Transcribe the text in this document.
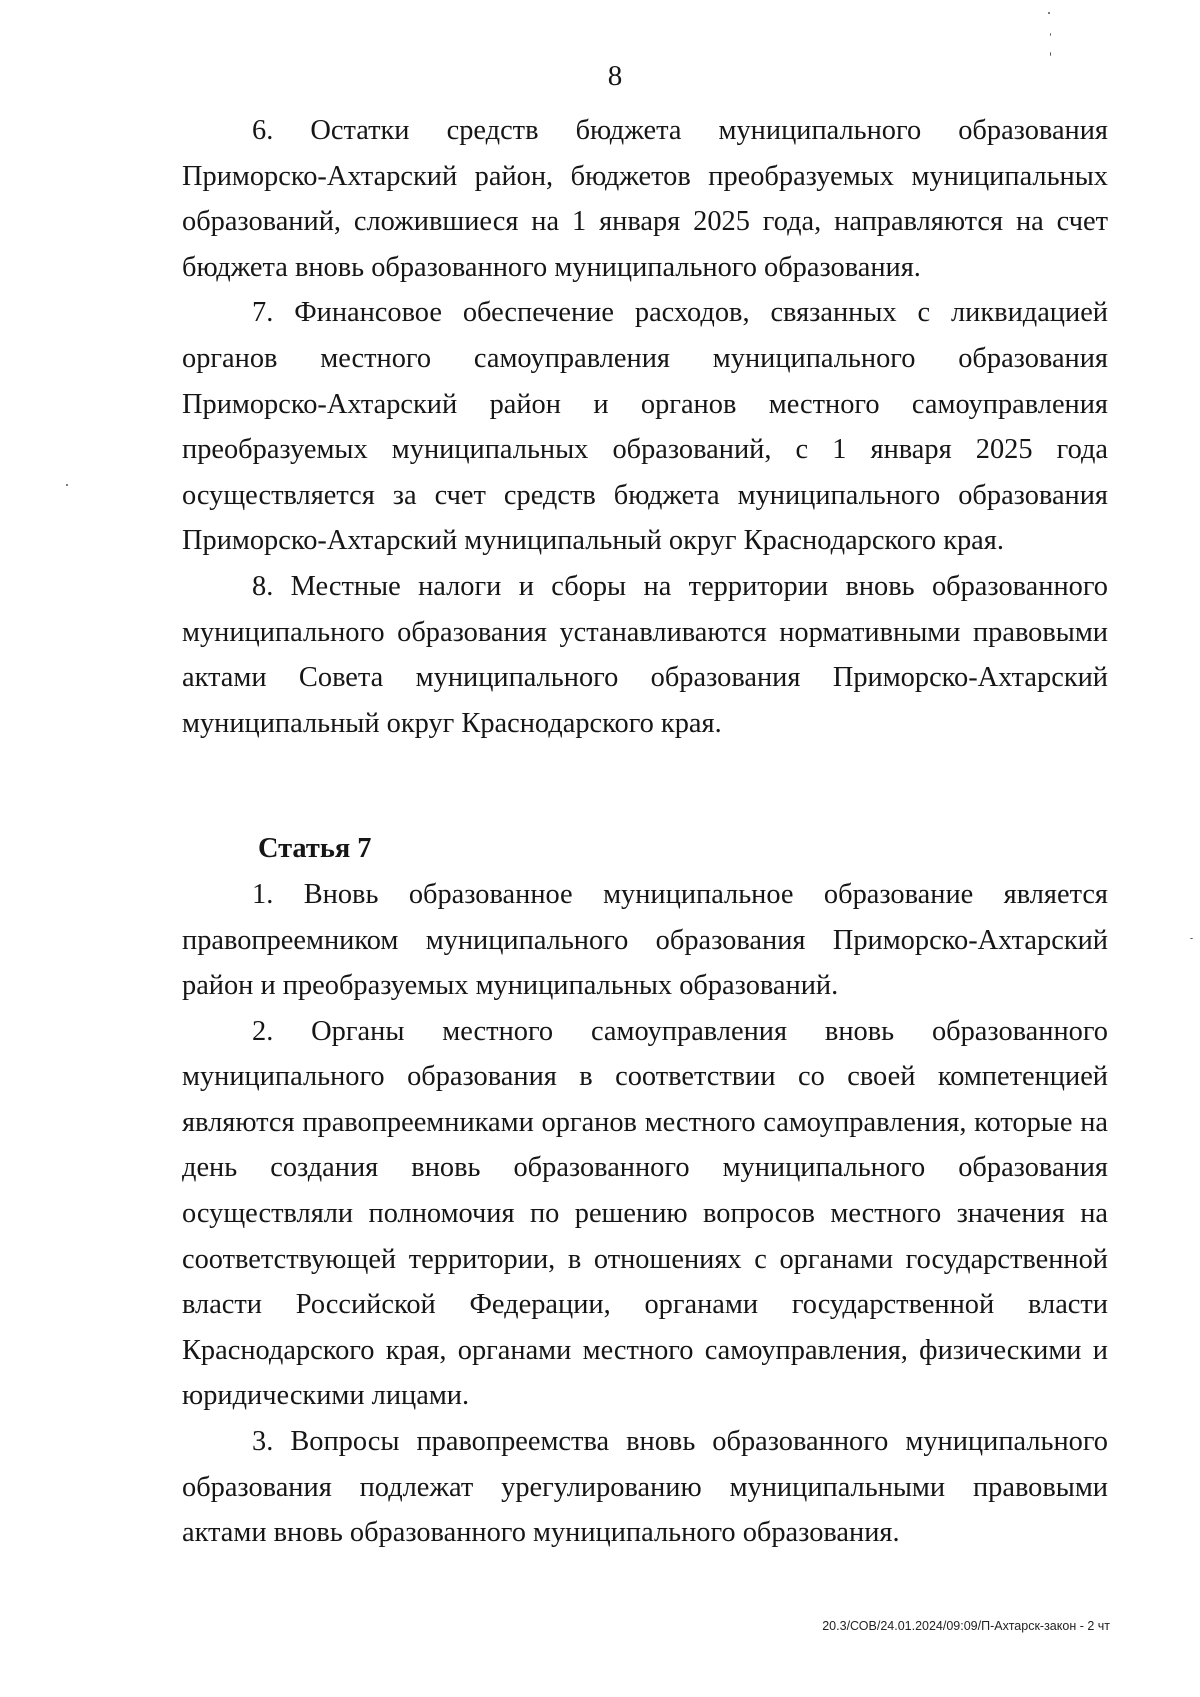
8

6. Остатки средств бюджета муниципального образования Приморско-Ахтарский район, бюджетов преобразуемых муниципальных образований, сложившиеся на 1 января 2025 года, направляются на счет бюджета вновь образованного муниципального образования.

7. Финансовое обеспечение расходов, связанных с ликвидацией органов местного самоуправления муниципального образования Приморско-Ахтарский район и органов местного самоуправления преобразуемых муниципальных образований, с 1 января 2025 года осуществляется за счет средств бюджета муниципального образования Приморско-Ахтарский муниципальный округ Краснодарского края.

8. Местные налоги и сборы на территории вновь образованного муниципального образования устанавливаются нормативными правовыми актами Совета муниципального образования Приморско-Ахтарский муниципальный округ Краснодарского края.

Статья 7

1. Вновь образованное муниципальное образование является правопреемником муниципального образования Приморско-Ахтарский район и преобразуемых муниципальных образований.

2. Органы местного самоуправления вновь образованного муниципального образования в соответствии со своей компетенцией являются правопреемниками органов местного самоуправления, которые на день создания вновь образованного муниципального образования осуществляли полномочия по решению вопросов местного значения на соответствующей территории, в отношениях с органами государственной власти Российской Федерации, органами государственной власти Краснодарского края, органами местного самоуправления, физическими и юридическими лицами.

3. Вопросы правопреемства вновь образованного муниципального образования подлежат урегулированию муниципальными правовыми актами вновь образованного муниципального образования.

20.3/СОВ/24.01.2024/09:09/П-Ахтарск-закон - 2 чт
